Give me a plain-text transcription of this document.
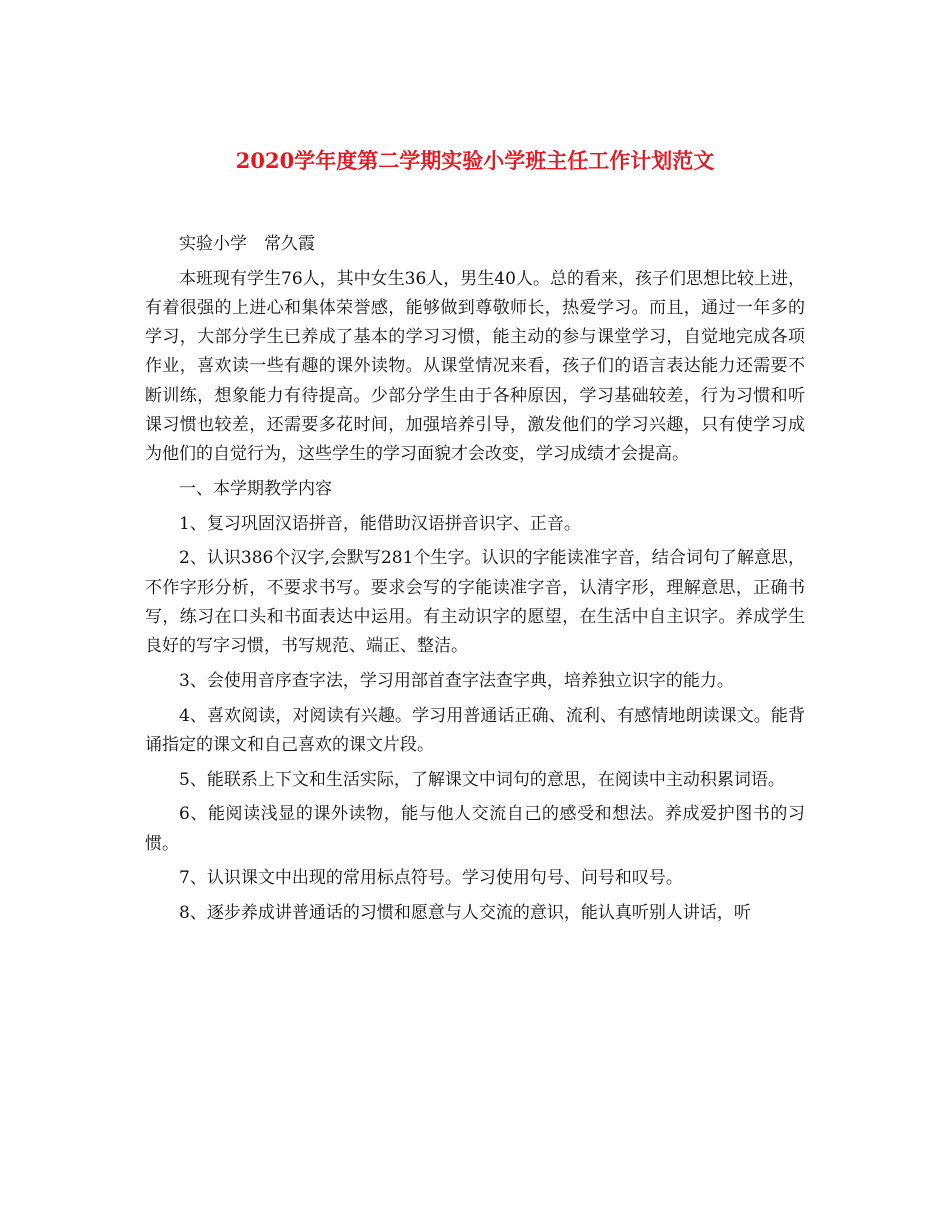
2020学年度第二学期实验小学班主任工作计划范文

实验小学　常久霞

本班现有学生76人，其中女生36人，男生40人。总的看来，孩子们思想比较上进，有着很强的上进心和集体荣誉感，能够做到尊敬师长，热爱学习。而且，通过一年多的学习，大部分学生已养成了基本的学习习惯，能主动的参与课堂学习，自觉地完成各项作业，喜欢读一些有趣的课外读物。从课堂情况来看，孩子们的语言表达能力还需要不断训练，想象能力有待提高。少部分学生由于各种原因，学习基础较差，行为习惯和听课习惯也较差，还需要多花时间，加强培养引导，激发他们的学习兴趣，只有使学习成为他们的自觉行为，这些学生的学习面貌才会改变，学习成绩才会提高。

一、本学期教学内容

1、复习巩固汉语拼音，能借助汉语拼音识字、正音。

2、认识386个汉字,会默写281个生字。认识的字能读准字音，结合词句了解意思，不作字形分析，不要求书写。要求会写的字能读准字音，认清字形，理解意思，正确书写，练习在口头和书面表达中运用。有主动识字的愿望，在生活中自主识字。养成学生良好的写字习惯，书写规范、端正、整洁。

3、会使用音序查字法，学习用部首查字法查字典，培养独立识字的能力。

4、喜欢阅读，对阅读有兴趣。学习用普通话正确、流利、有感情地朗读课文。能背诵指定的课文和自己喜欢的课文片段。

5、能联系上下文和生活实际，了解课文中词句的意思，在阅读中主动积累词语。

6、能阅读浅显的课外读物，能与他人交流自己的感受和想法。养成爱护图书的习惯。

7、认识课文中出现的常用标点符号。学习使用句号、问号和叹号。

8、逐步养成讲普通话的习惯和愿意与人交流的意识，能认真听别人讲话，听
